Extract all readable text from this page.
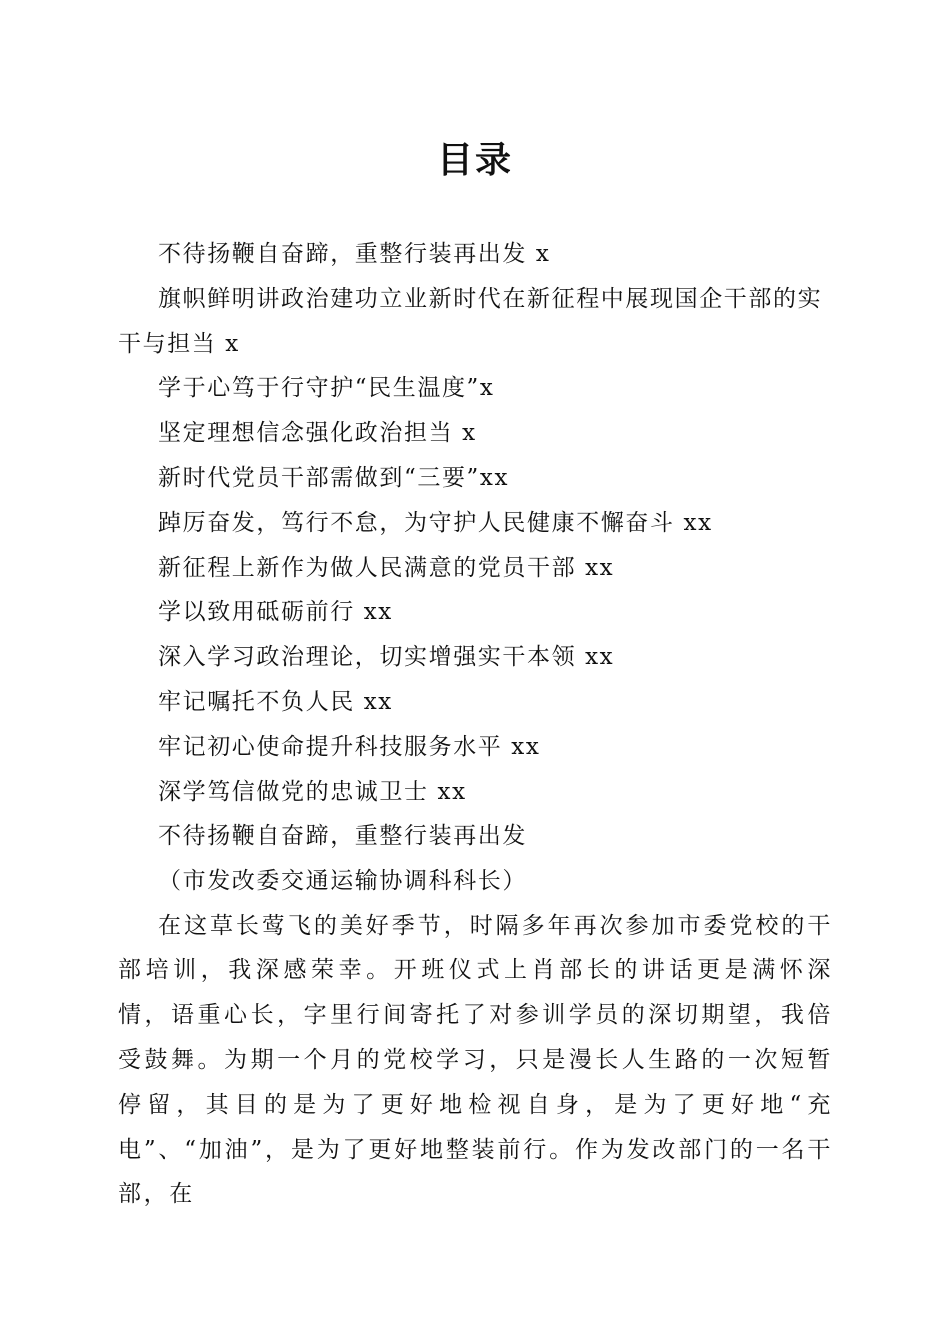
目录
不待扬鞭自奋蹄，重整行装再出发 x
旗帜鲜明讲政治建功立业新时代在新征程中展现国企干部的实干与担当 x
学于心笃于行守护“民生温度”x
坚定理想信念强化政治担当 x
新时代党员干部需做到“三要”xx
踔厉奋发，笃行不怠，为守护人民健康不懈奋斗 xx
新征程上新作为做人民满意的党员干部 xx
学以致用砥砺前行 xx
深入学习政治理论，切实增强实干本领 xx
牢记嘱托不负人民 xx
牢记初心使命提升科技服务水平 xx
深学笃信做党的忠诚卫士 xx
不待扬鞭自奋蹄，重整行装再出发
（市发改委交通运输协调科科长）

在这草长莺飞的美好季节，时隔多年再次参加市委党校的干部培训，我深感荣幸。开班仪式上肖部长的讲话更是满怀深情，语重心长，字里行间寄托了对参训学员的深切期望，我倍受鼓舞。为期一个月的党校学习，只是漫长人生路的一次短暂停留，其目的是为了更好地检视自身，是为了更好地“充电”、“加油”，是为了更好地整装前行。作为发改部门的一名干部，在
